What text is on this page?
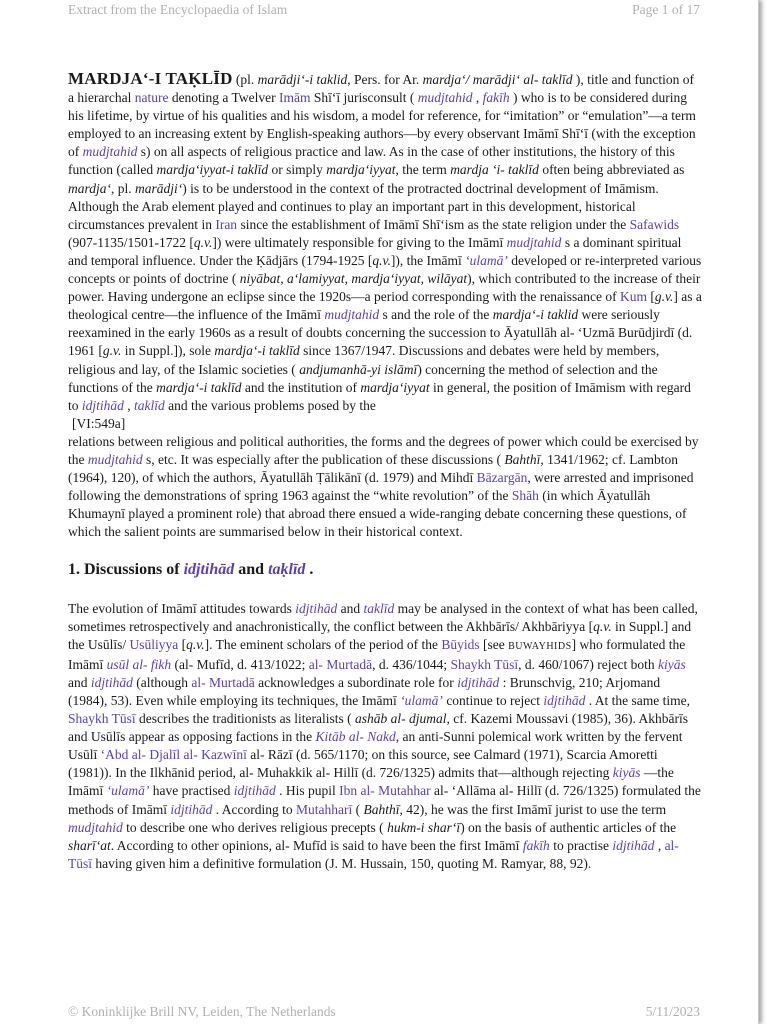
Extract from the Encyclopaedia of Islam	Page 1 of 17

MARDJA‘-I TAḲLĪD (pl. marādji‘-i taklid, Pers. for Ar. mardja‘/ marādji‘ al- taklīd ), title and function of a hierarchal nature denoting a Twelver Imām Shī‘ī jurisconsult ( mudjtahid , fakīh ) who is to be considered during his lifetime, by virtue of his qualities and his wisdom, a model for reference, for “imitation” or “emulation”—a term employed to an increasing extent by English-speaking authors—by every observant Imāmī Shī‘ī (with the exception of mudjtahid s) on all aspects of religious practice and law. As in the case of other institutions, the history of this function (called mardja‘iyyat-i taklīd or simply mardja‘iyyat, the term mardja ‘i- taklīd often being abbreviated as mardja‘, pl. marādji‘) is to be understood in the context of the protracted doctrinal development of Imāmism. Although the Arab element played and continues to play an important part in this development, historical circumstances prevalent in Iran since the establishment of Imāmī Shī‘ism as the state religion under the Safawids (907-1135/1501-1722 [q.v.]) were ultimately responsible for giving to the Imāmī mudjtahid s a dominant spiritual and temporal influence. Under the Ḳādjārs (1794-1925 [q.v.]), the Imāmī ‘ulamā’ developed or re-interpreted various concepts or points of doctrine ( niyābat, a‘lamiyyat, mardja‘iyyat, wilāyat), which contributed to the increase of their power. Having undergone an eclipse since the 1920s—a period corresponding with the renaissance of Kum [g.v.] as a theological centre—the influence of the Imāmī mudjtahid s and the role of the mardja‘-i taklid were seriously reexamined in the early 1960s as a result of doubts concerning the succession to Āyatullāh al- ‘Uzmā Burūdjirdī (d. 1961 [g.v. in Suppl.]), sole mardja‘-i taklīd since 1367/1947. Discussions and debates were held by members, religious and lay, of the Islamic societies ( andjumanhā-yi islāmī) concerning the method of selection and the functions of the mardja‘-i taklīd and the institution of mardja‘iyyat in general, the position of Imāmism with regard to idjtihād , taklīd and the various problems posed by the

[VI:549a]

relations between religious and political authorities, the forms and the degrees of power which could be exercised by the mudjtahid s, etc. It was especially after the publication of these discussions ( Bahthī, 1341/1962; cf. Lambton (1964), 120), of which the authors, Āyatullāh Ṭālikānī (d. 1979) and Mihdī Bāzargān, were arrested and imprisoned following the demonstrations of spring 1963 against the “white revolution” of the Shāh (in which Āyatullāh Khumaynī played a prominent role) that abroad there ensued a wide-ranging debate concerning these questions, of which the salient points are summarised below in their historical context.

1. Discussions of idjtihād and taḳlīd .

The evolution of Imāmī attitudes towards idjtihād and taklīd may be analysed in the context of what has been called, sometimes retrospectively and anachronistically, the conflict between the Akhbārīs/ Akhbāriyya [q.v. in Suppl.] and the Usūlīs/ Usūliyya [q.v.]. The eminent scholars of the period of the Būyids [see BUWAYHIDS] who formulated the Imāmī usūl al- fikh (al- Mufīd, d. 413/1022; al- Murtadā, d. 436/1044; Shaykh Tūsī, d. 460/1067) reject both kiyās and idjtihād (although al- Murtadā acknowledges a subordinate role for idjtihād : Brunschvig, 210; Arjomand (1984), 53). Even while employing its techniques, the Imāmī ‘ulamā’ continue to reject idjtihād . At the same time, Shaykh Tūsī describes the traditionists as literalists ( ashāb al- djumal, cf. Kazemi Moussavi (1985), 36). Akhbārīs and Usūlīs appear as opposing factions in the Kitāb al- Nakd, an anti-Sunni polemical work written by the fervent Usūlī ‘Abd al- Djalīl al- Kazwīnī al- Rāzī (d. 565/1170; on this source, see Calmard (1971), Scarcia Amoretti (1981)). In the Ilkhānid period, al- Muhakkik al- Hillī (d. 726/1325) admits that—although rejecting kiyās —the Imāmī ‘ulamā’ have practised idjtihād . His pupil Ibn al- Mutahhar al- ‘Allāma al- Hillī (d. 726/1325) formulated the methods of Imāmī idjtihād . According to Mutahharī ( Bahthī, 42), he was the first Imāmī jurist to use the term mudjtahid to describe one who derives religious precepts ( hukm-i shar‘ī) on the basis of authentic articles of the sharī‘at. According to other opinions, al- Mufīd is said to have been the first Imāmī fakīh to practise idjtihād , al- Tūsī having given him a definitive formulation (J. M. Hussain, 150, quoting M. Ramyar, 88, 92).

© Koninklijke Brill NV, Leiden, The Netherlands	5/11/2023
